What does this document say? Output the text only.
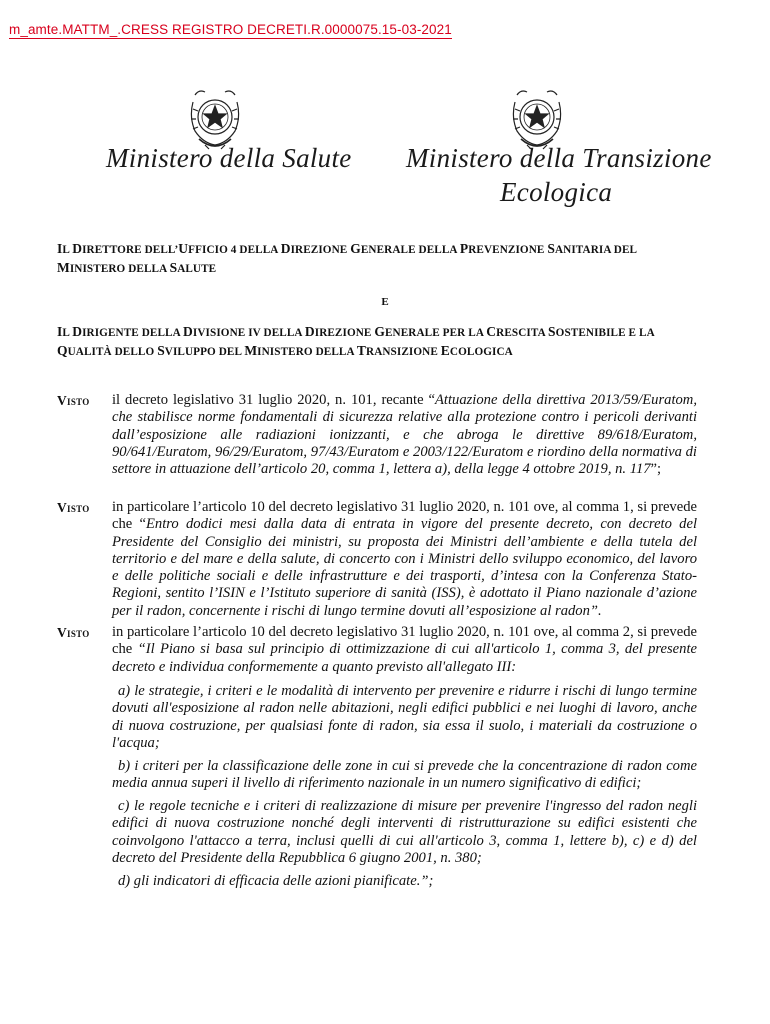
m_amte.MATTM_.CRESS REGISTRO DECRETI.R.0000075.15-03-2021
Ministero della Salute Ministero della Transizione
Ecologica
IL DIRETTORE DELL’UFFICIO 4 DELLA DIREZIONE GENERALE DELLA PREVENZIONE SANITARIA DEL MINISTERO DELLA SALUTE
E
IL DIRIGENTE DELLA DIVISIONE IV DELLA DIREZIONE GENERALE PER LA CRESCITA SOSTENIBILE E LA QUALITÀ DELLO SVILUPPO DEL MINISTERO DELLA TRANSIZIONE ECOLOGICA
Visto il decreto legislativo 31 luglio 2020, n. 101, recante “Attuazione della direttiva 2013/59/Euratom, che stabilisce norme fondamentali di sicurezza relative alla protezione contro i pericoli derivanti dall’esposizione alle radiazioni ionizzanti, e che abroga le direttive 89/618/Euratom, 90/641/Euratom, 96/29/Euratom, 97/43/Euratom e 2003/122/Euratom e riordino della normativa di settore in attuazione dell’articolo 20, comma 1, lettera a), della legge 4 ottobre 2019, n. 117”;
Visto in particolare l’articolo 10 del decreto legislativo 31 luglio 2020, n. 101 ove, al comma 1, si prevede che “Entro dodici mesi dalla data di entrata in vigore del presente decreto, con decreto del Presidente del Consiglio dei ministri, su proposta dei Ministri dell’ambiente e della tutela del territorio e del mare e della salute, di concerto con i Ministri dello sviluppo economico, del lavoro e delle politiche sociali e delle infrastrutture e dei trasporti, d’intesa con la Conferenza Stato-Regioni, sentito l’ISIN e l’Istituto superiore di sanità (ISS), è adottato il Piano nazionale d’azione per il radon, concernente i rischi di lungo termine dovuti all’esposizione al radon”.
Visto in particolare l’articolo 10 del decreto legislativo 31 luglio 2020, n. 101 ove, al comma 2, si prevede che “Il Piano si basa sul principio di ottimizzazione di cui all'articolo 1, comma 3, del presente decreto e individua conformemente a quanto previsto all'allegato III:
a) le strategie, i criteri e le modalità di intervento per prevenire e ridurre i rischi di lungo termine dovuti all'esposizione al radon nelle abitazioni, negli edifici pubblici e nei luoghi di lavoro, anche di nuova costruzione, per qualsiasi fonte di radon, sia essa il suolo, i materiali da costruzione o l'acqua;
b) i criteri per la classificazione delle zone in cui si prevede che la concentrazione di radon come media annua superi il livello di riferimento nazionale in un numero significativo di edifici;
c) le regole tecniche e i criteri di realizzazione di misure per prevenire l'ingresso del radon negli edifici di nuova costruzione nonché degli interventi di ristrutturazione su edifici esistenti che coinvolgono l'attacco a terra, inclusi quelli di cui all'articolo 3, comma 1, lettere b), c) e d) del decreto del Presidente della Repubblica 6 giugno 2001, n. 380;
d) gli indicatori di efficacia delle azioni pianificate.”;
